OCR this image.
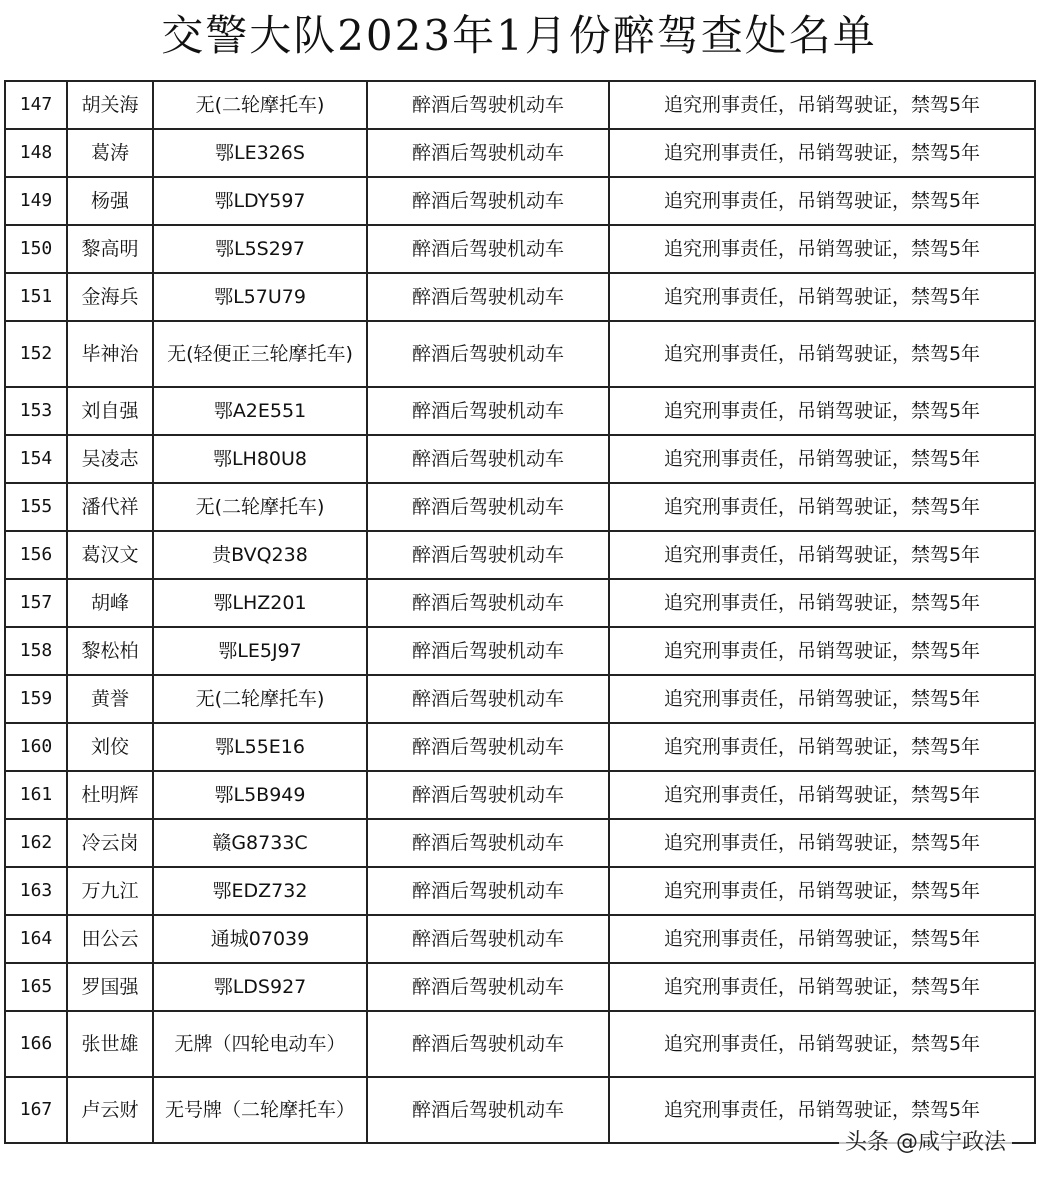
交警大队2023年1月份醉驾查处名单
147	胡关海	无(二轮摩托车)	醉酒后驾驶机动车	追究刑事责任，吊销驾驶证，禁驾5年
148	葛涛	鄂LE326S	醉酒后驾驶机动车	追究刑事责任，吊销驾驶证，禁驾5年
149	杨强	鄂LDY597	醉酒后驾驶机动车	追究刑事责任，吊销驾驶证，禁驾5年
150	黎高明	鄂L5S297	醉酒后驾驶机动车	追究刑事责任，吊销驾驶证，禁驾5年
151	金海兵	鄂L57U79	醉酒后驾驶机动车	追究刑事责任，吊销驾驶证，禁驾5年
152	毕神治	无(轻便正三轮摩托车)	醉酒后驾驶机动车	追究刑事责任，吊销驾驶证，禁驾5年
153	刘自强	鄂A2E551	醉酒后驾驶机动车	追究刑事责任，吊销驾驶证，禁驾5年
154	吴凌志	鄂LH80U8	醉酒后驾驶机动车	追究刑事责任，吊销驾驶证，禁驾5年
155	潘代祥	无(二轮摩托车)	醉酒后驾驶机动车	追究刑事责任，吊销驾驶证，禁驾5年
156	葛汉文	贵BVQ238	醉酒后驾驶机动车	追究刑事责任，吊销驾驶证，禁驾5年
157	胡峰	鄂LHZ201	醉酒后驾驶机动车	追究刑事责任，吊销驾驶证，禁驾5年
158	黎松柏	鄂LE5J97	醉酒后驾驶机动车	追究刑事责任，吊销驾驶证，禁驾5年
159	黄誉	无(二轮摩托车)	醉酒后驾驶机动车	追究刑事责任，吊销驾驶证，禁驾5年
160	刘佼	鄂L55E16	醉酒后驾驶机动车	追究刑事责任，吊销驾驶证，禁驾5年
161	杜明辉	鄂L5B949	醉酒后驾驶机动车	追究刑事责任，吊销驾驶证，禁驾5年
162	冷云岗	赣G8733C	醉酒后驾驶机动车	追究刑事责任，吊销驾驶证，禁驾5年
163	万九江	鄂EDZ732	醉酒后驾驶机动车	追究刑事责任，吊销驾驶证，禁驾5年
164	田公云	通城07039	醉酒后驾驶机动车	追究刑事责任，吊销驾驶证，禁驾5年
165	罗国强	鄂LDS927	醉酒后驾驶机动车	追究刑事责任，吊销驾驶证，禁驾5年
166	张世雄	无牌（四轮电动车）	醉酒后驾驶机动车	追究刑事责任，吊销驾驶证，禁驾5年
167	卢云财	无号牌（二轮摩托车）	醉酒后驾驶机动车	追究刑事责任，吊销驾驶证，禁驾5年
头条 @咸宁政法
